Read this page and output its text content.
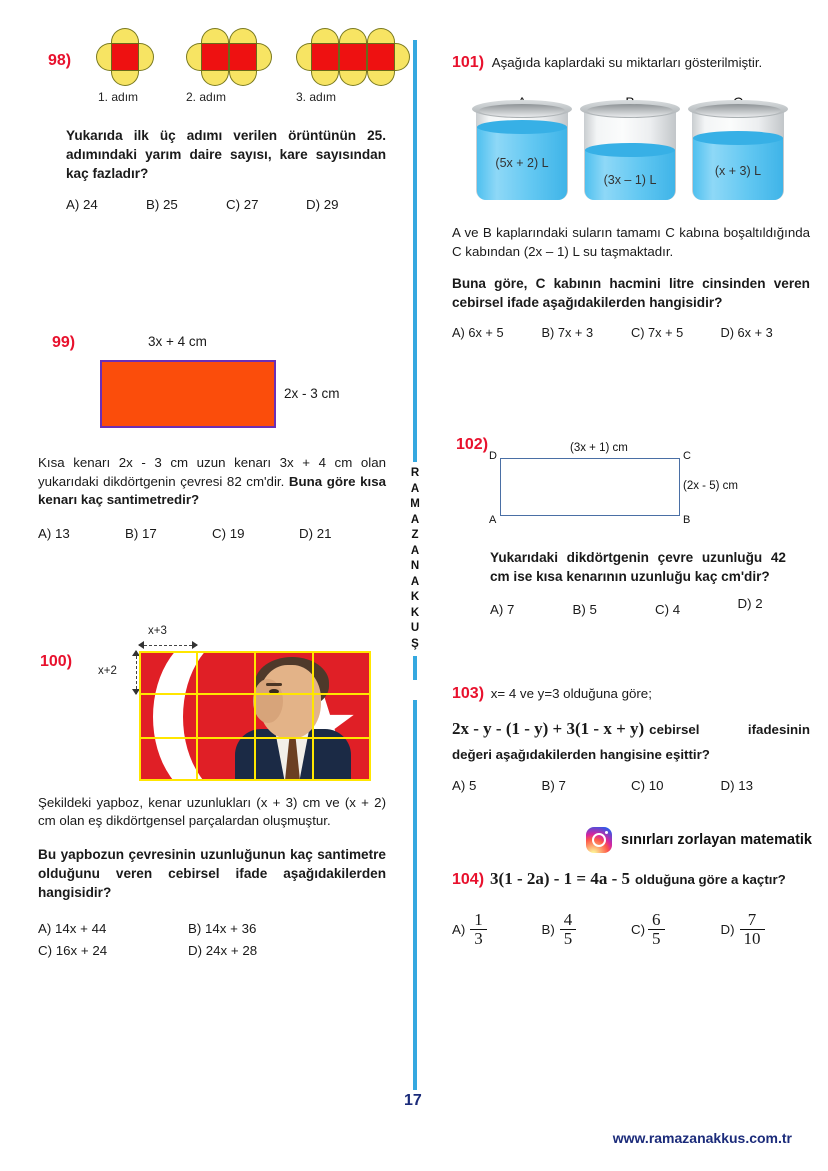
R
A
M
A
Z
A
N
A
K
K
U
Ş
98)
1. adım	2. adım	3. adım
Yukarıda ilk üç adımı verilen örüntünün 25. adımındaki yarım daire sayısı, kare sayısından kaç fazladır?
A) 24	B) 25	C) 27	D) 29
99)	3x + 4 cm
2x - 3 cm
Kısa kenarı 2x - 3 cm uzun kenarı 3x + 4 cm olan yukarıdaki dikdörtgenin çevresi 82 cm'dir. Buna göre kısa kenarı kaç santimetredir?
A) 13	B) 17	C) 19	D) 21
100)
x+3
x+2
Şekildeki yapboz, kenar uzunlukları (x + 3) cm ve (x + 2) cm olan eş dikdörtgensel parçalardan oluşmuştur.
Bu yapbozun çevresinin uzunluğunun kaç santimetre olduğunu veren cebirsel ifade aşağıdakilerden hangisidir?
A) 14x + 44	B) 14x + 36
C) 16x + 24	D) 24x + 28
101) Aşağıda kaplardaki su miktarları gösterilmiştir.
(5x + 2) L
(3x – 1) L
(x + 3) L
A ve B kaplarındaki suların tamamı C kabına boşaltıldığında C kabından (2x – 1) L su taşmaktadır.
Buna göre, C kabının hacmini litre cinsinden veren cebirsel ifade aşağıdakilerden hangisidir?
A) 6x + 5	B) 7x + 3	C) 7x + 5	D) 6x + 3
102)	(3x + 1) cm
D	C
A	B
(2x - 5) cm
Yukarıdaki dikdörtgenin çevre uzunluğu 42 cm ise kısa kenarının uzunluğu kaç cm'dir?
A) 7	B) 5	C) 4	D) 2
103) x= 4 ve y=3 olduğuna göre;
2x - y - (1 - y) + 3(1 - x + y) cebirsel	ifadesinin
değeri aşağıdakilerden hangisine eşittir?
A) 5	B) 7	C) 10	D) 13
sınırları zorlayan matematik
104) 3(1 - 2a) - 1 = 4a - 5 olduğuna göre a kaçtır?
$A) \frac{1}{3}$	$B) \frac{4}{5}$	$C) \frac{6}{5}$	$D) \frac{7}{10}$
17
www.ramazanakkus.com.tr
